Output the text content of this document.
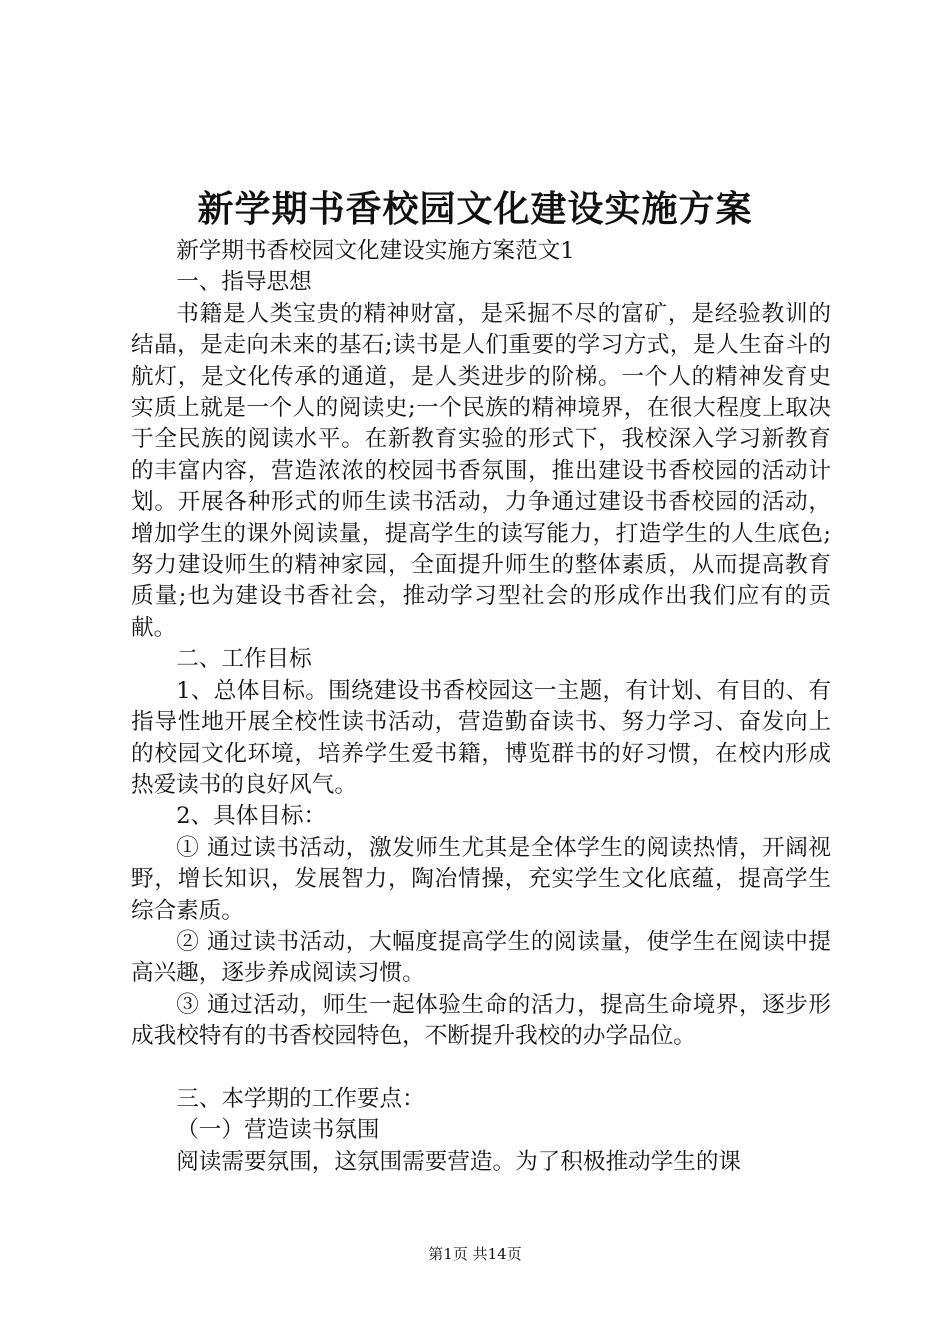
新学期书香校园文化建设实施方案

新学期书香校园文化建设实施方案范文1

一、指导思想

书籍是人类宝贵的精神财富，是采掘不尽的富矿，是经验教训的结晶，是走向未来的基石;读书是人们重要的学习方式，是人生奋斗的航灯，是文化传承的通道，是人类进步的阶梯。一个人的精神发育史实质上就是一个人的阅读史;一个民族的精神境界，在很大程度上取决于全民族的阅读水平。在新教育实验的形式下，我校深入学习新教育的丰富内容，营造浓浓的校园书香氛围，推出建设书香校园的活动计划。开展各种形式的师生读书活动，力争通过建设书香校园的活动，增加学生的课外阅读量，提高学生的读写能力，打造学生的人生底色;努力建设师生的精神家园，全面提升师生的整体素质，从而提高教育质量;也为建设书香社会，推动学习型社会的形成作出我们应有的贡献。

二、工作目标

1、总体目标。围绕建设书香校园这一主题，有计划、有目的、有指导性地开展全校性读书活动，营造勤奋读书、努力学习、奋发向上的校园文化环境，培养学生爱书籍，博览群书的好习惯，在校内形成热爱读书的良好风气。

2、具体目标：

① 通过读书活动，激发师生尤其是全体学生的阅读热情，开阔视野，增长知识，发展智力，陶冶情操，充实学生文化底蕴，提高学生综合素质。

② 通过读书活动，大幅度提高学生的阅读量，使学生在阅读中提高兴趣，逐步养成阅读习惯。

③ 通过活动，师生一起体验生命的活力，提高生命境界，逐步形成我校特有的书香校园特色，不断提升我校的办学品位。

三、本学期的工作要点：

（一）营造读书氛围

阅读需要氛围，这氛围需要营造。为了积极推动学生的课

第1页 共14页
